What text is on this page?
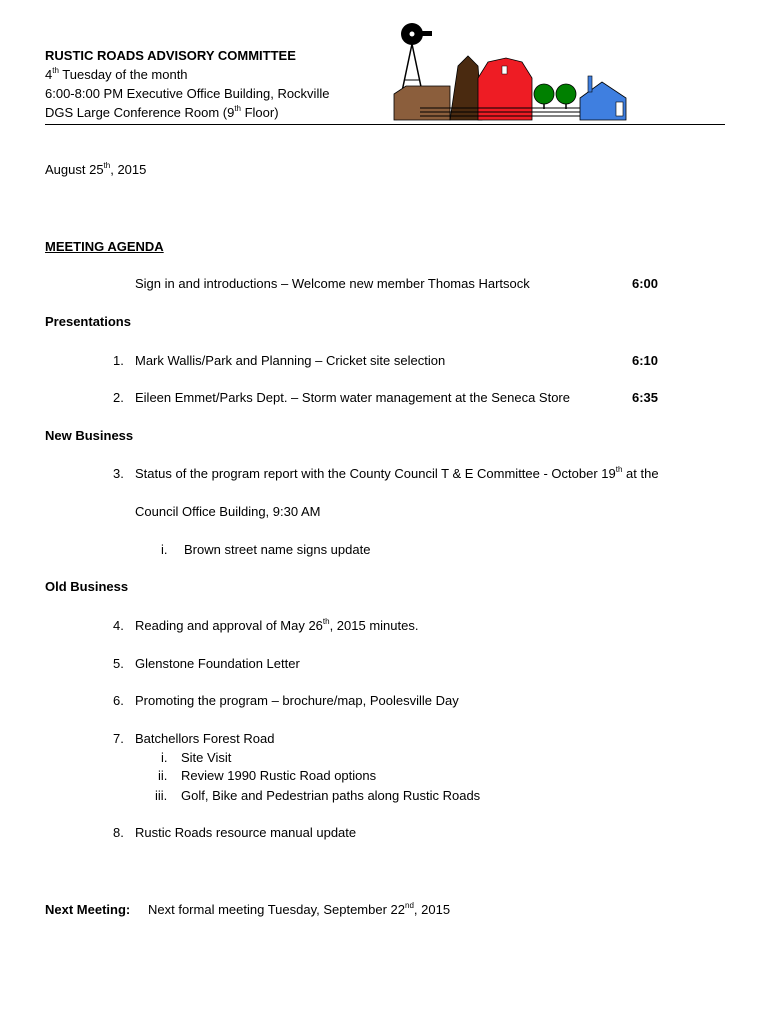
RUSTIC ROADS ADVISORY COMMITTEE
4th Tuesday of the month
6:00-8:00 PM Executive Office Building, Rockville
DGS Large Conference Room (9th Floor)
August 25th, 2015
MEETING AGENDA
Sign in and introductions – Welcome new member Thomas Hartsock	6:00
Presentations
1. Mark Wallis/Park and Planning – Cricket site selection	6:10
2. Eileen Emmet/Parks Dept. – Storm water management at the Seneca Store	6:35
New Business
3. Status of the program report with the County Council T & E Committee - October 19th at the
Council Office Building, 9:30 AM
i. Brown street name signs update
Old Business
4. Reading and approval of May 26th, 2015 minutes.
5. Glenstone Foundation Letter
6. Promoting the program – brochure/map, Poolesville Day
7. Batchellors Forest Road
i. Site Visit
ii. Review 1990 Rustic Road options
iii. Golf, Bike and Pedestrian paths along Rustic Roads
8. Rustic Roads resource manual update
Next Meeting: Next formal meeting Tuesday, September 22nd, 2015
